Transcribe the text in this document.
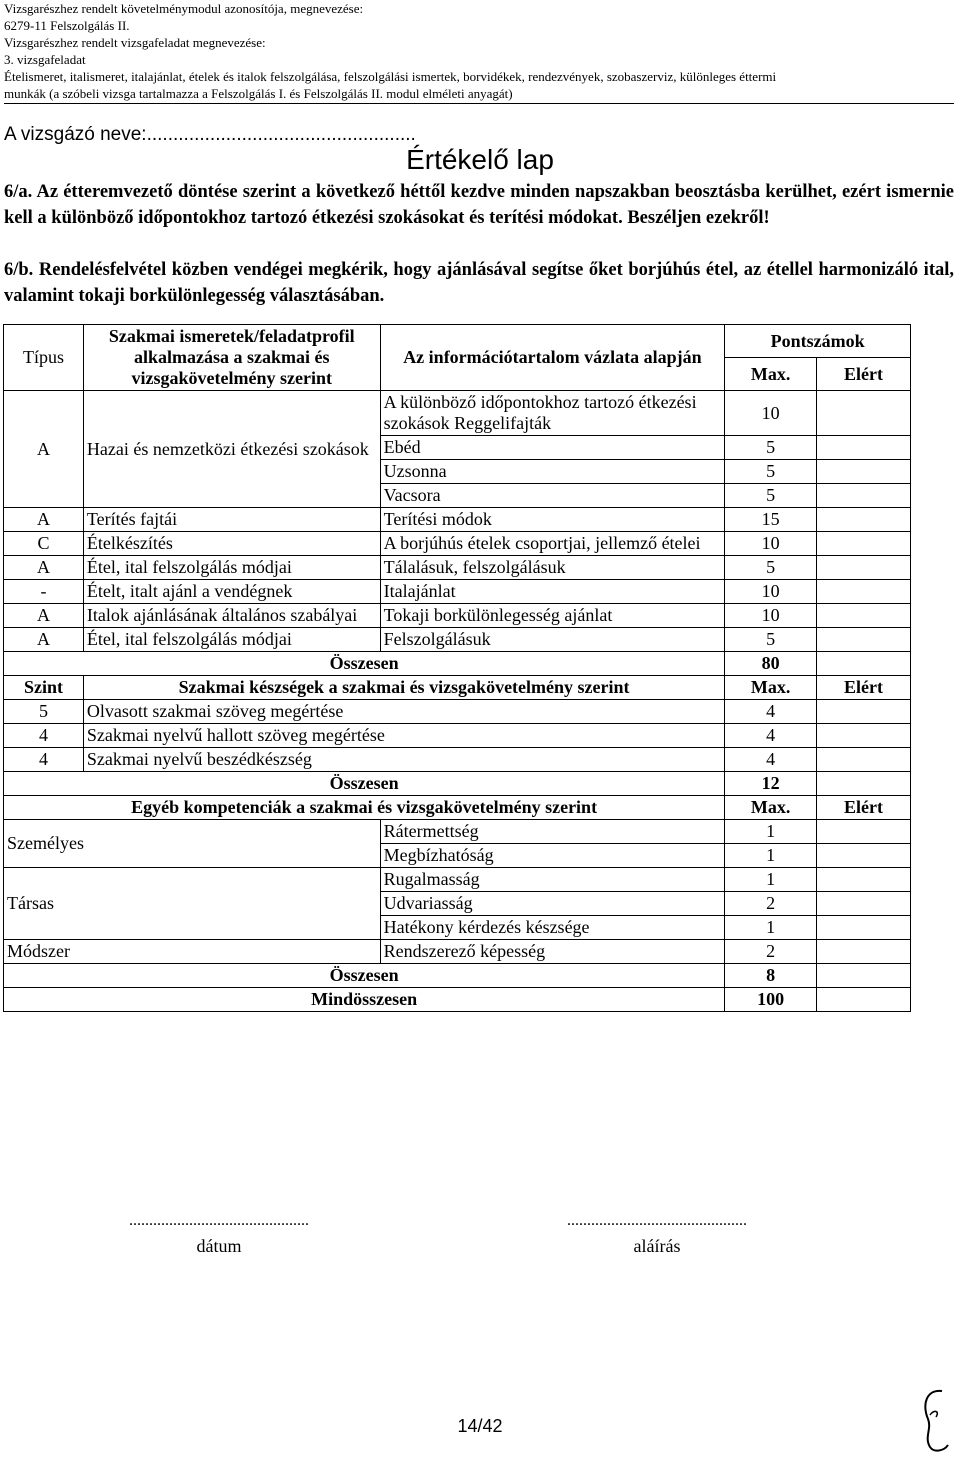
Vizsgarészhez rendelt követelménymodul azonosítója, megnevezése:
6279-11 Felszolgálás II.
Vizsgarészhez rendelt vizsgafeladat megnevezése:
3. vizsgafeladat
Ételismeret, italismeret, italajánlat, ételek és italok felszolgálása, felszolgálási ismertek, borvidékek, rendezvények, szobaszerviz, különleges éttermi
munkák (a szóbeli vizsga tartalmazza a Felszolgálás I. és Felszolgálás II. modul elméleti anyagát)
A vizsgázó neve:...................................................
Értékelő lap
6/a. Az étteremvezető döntése szerint a következő héttől kezdve minden napszakban beosztásba kerülhet, ezért ismernie kell a különböző időpontokhoz tartozó étkezési szokásokat és terítési módokat. Beszéljen ezekről!
6/b. Rendelésfelvétel közben vendégei megkérik, hogy ajánlásával segítse őket borjúhús étel, az étellel harmonizáló ital, valamint tokaji borkülönlegesség választásában.
Típus	Szakmai ismeretek/feladatprofil alkalmazása a szakmai és vizsgakövetelmény szerint	Az információtartalom vázlata alapján	Pontszámok	
			Max.	Elért
A	Hazai és nemzetközi étkezési szokások	A különböző időpontokhoz tartozó étkezési szokások Reggelifajták	10	
		Ebéd	5	
		Uzsonna	5	
		Vacsora	5	
A	Terítés fajtái	Terítési módok	15	
C	Ételkészítés	A borjúhús ételek csoportjai, jellemző ételei	10	
A	Étel, ital felszolgálás módjai	Tálalásuk, felszolgálásuk	5	
-	Ételt, italt ajánl a vendégnek	Italajánlat	10	
A	Italok ajánlásának általános szabályai	Tokaji borkülönlegesség ajánlat	10	
A	Étel, ital felszolgálás módjai	Felszolgálásuk	5	
Összesen			80	
Szint	Szakmai készségek a szakmai és vizsgakövetelmény szerint		Max.	Elért
5	Olvasott szakmai szöveg megértése		4	
4	Szakmai nyelvű hallott szöveg megértése		4	
4	Szakmai nyelvű beszédkészség		4	
Összesen			12	
Egyéb kompetenciák a szakmai és vizsgakövetelmény szerint			Max.	Elért
Személyes		Rátermettség	1	
		Megbízhatóság	1	
Társas		Rugalmasság	1	
		Udvariasság	2	
		Hatékony kérdezés készsége	1	
Módszer		Rendszerező képesség	2	
Összesen			8	
Mindösszesen			100	
.............................................
dátum
.............................................
aláírás
14/42
